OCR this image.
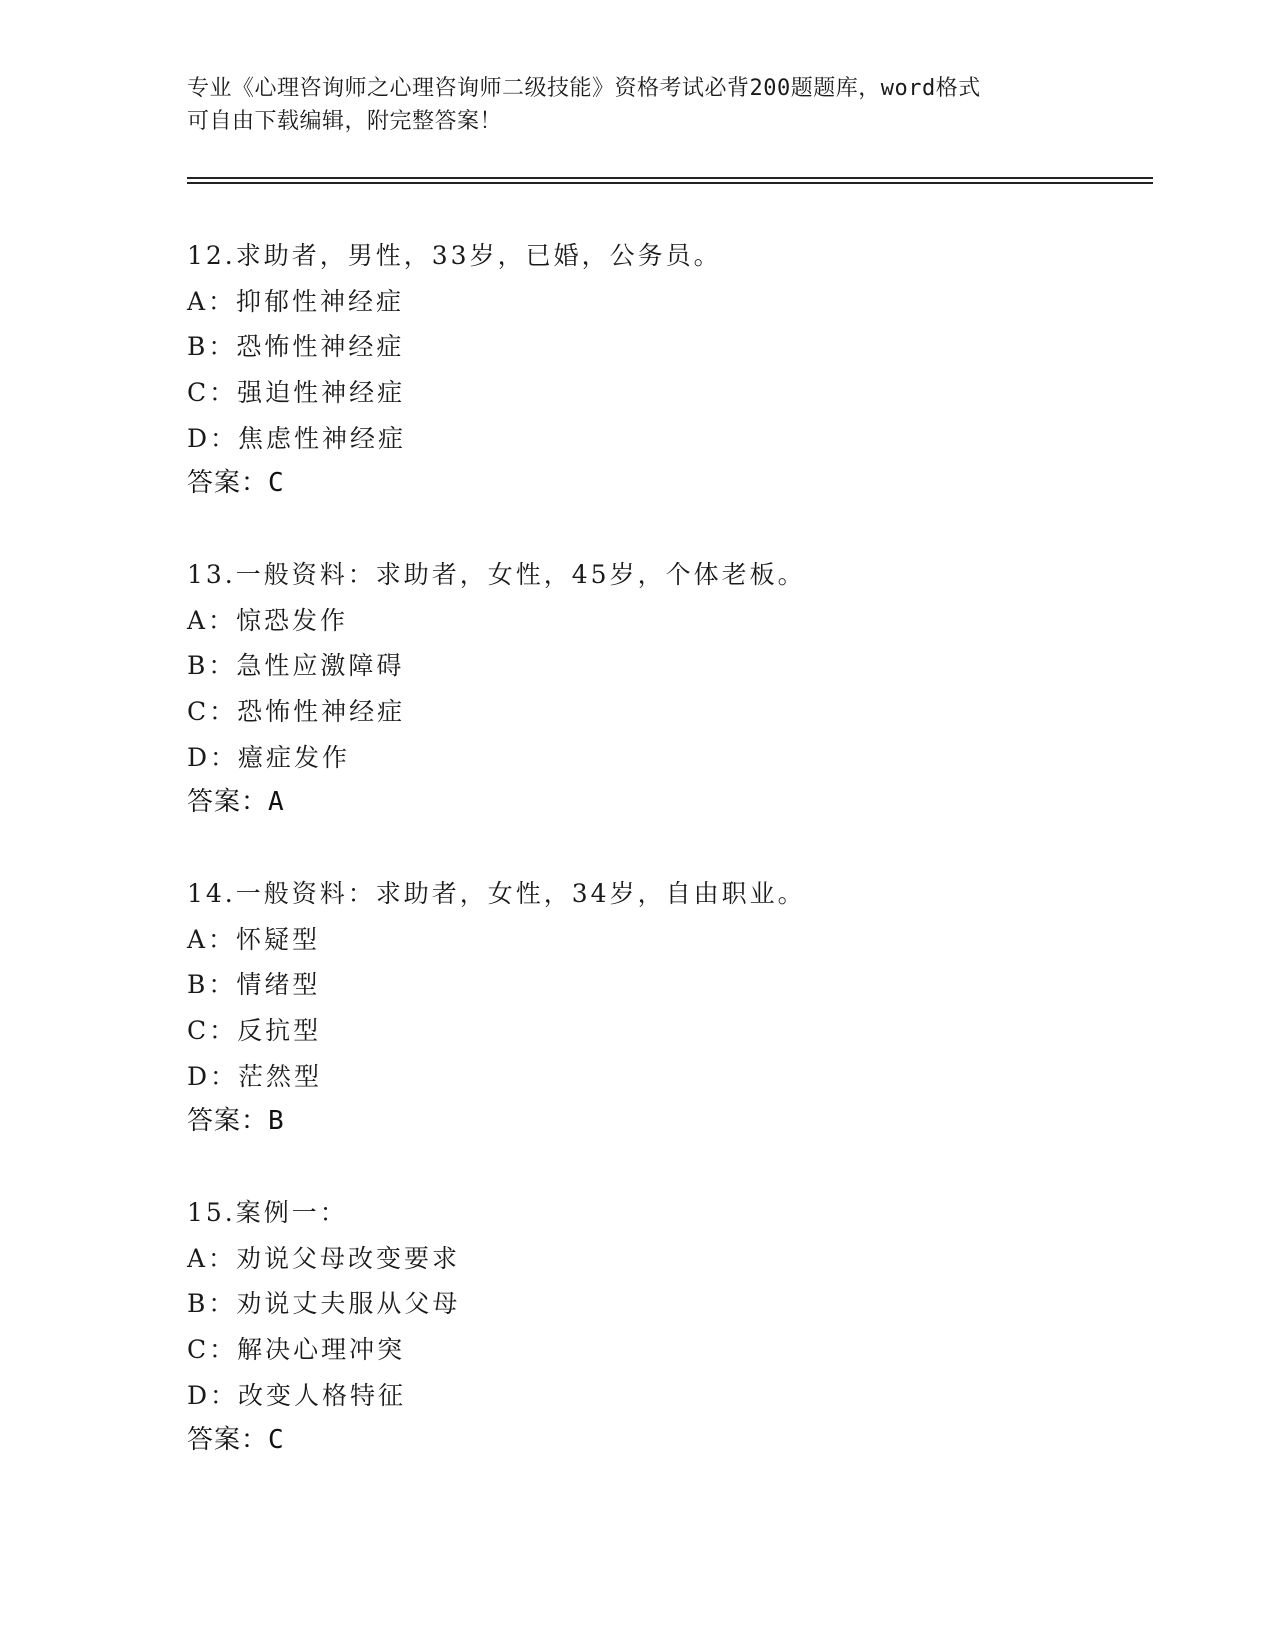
专业《心理咨询师之心理咨询师二级技能》资格考试必背200题题库，word格式
可自由下载编辑，附完整答案！
12.求助者，男性，33岁，已婚，公务员。
A：抑郁性神经症
B：恐怖性神经症
C：强迫性神经症
D：焦虑性神经症
答案：C
13.一般资料：求助者，女性，45岁，个体老板。
A：惊恐发作
B：急性应激障碍
C：恐怖性神经症
D：癔症发作
答案：A
14.一般资料：求助者，女性，34岁，自由职业。
A：怀疑型
B：情绪型
C：反抗型
D：茫然型
答案：B
15.案例一：
A：劝说父母改变要求
B：劝说丈夫服从父母
C：解决心理冲突
D：改变人格特征
答案：C
